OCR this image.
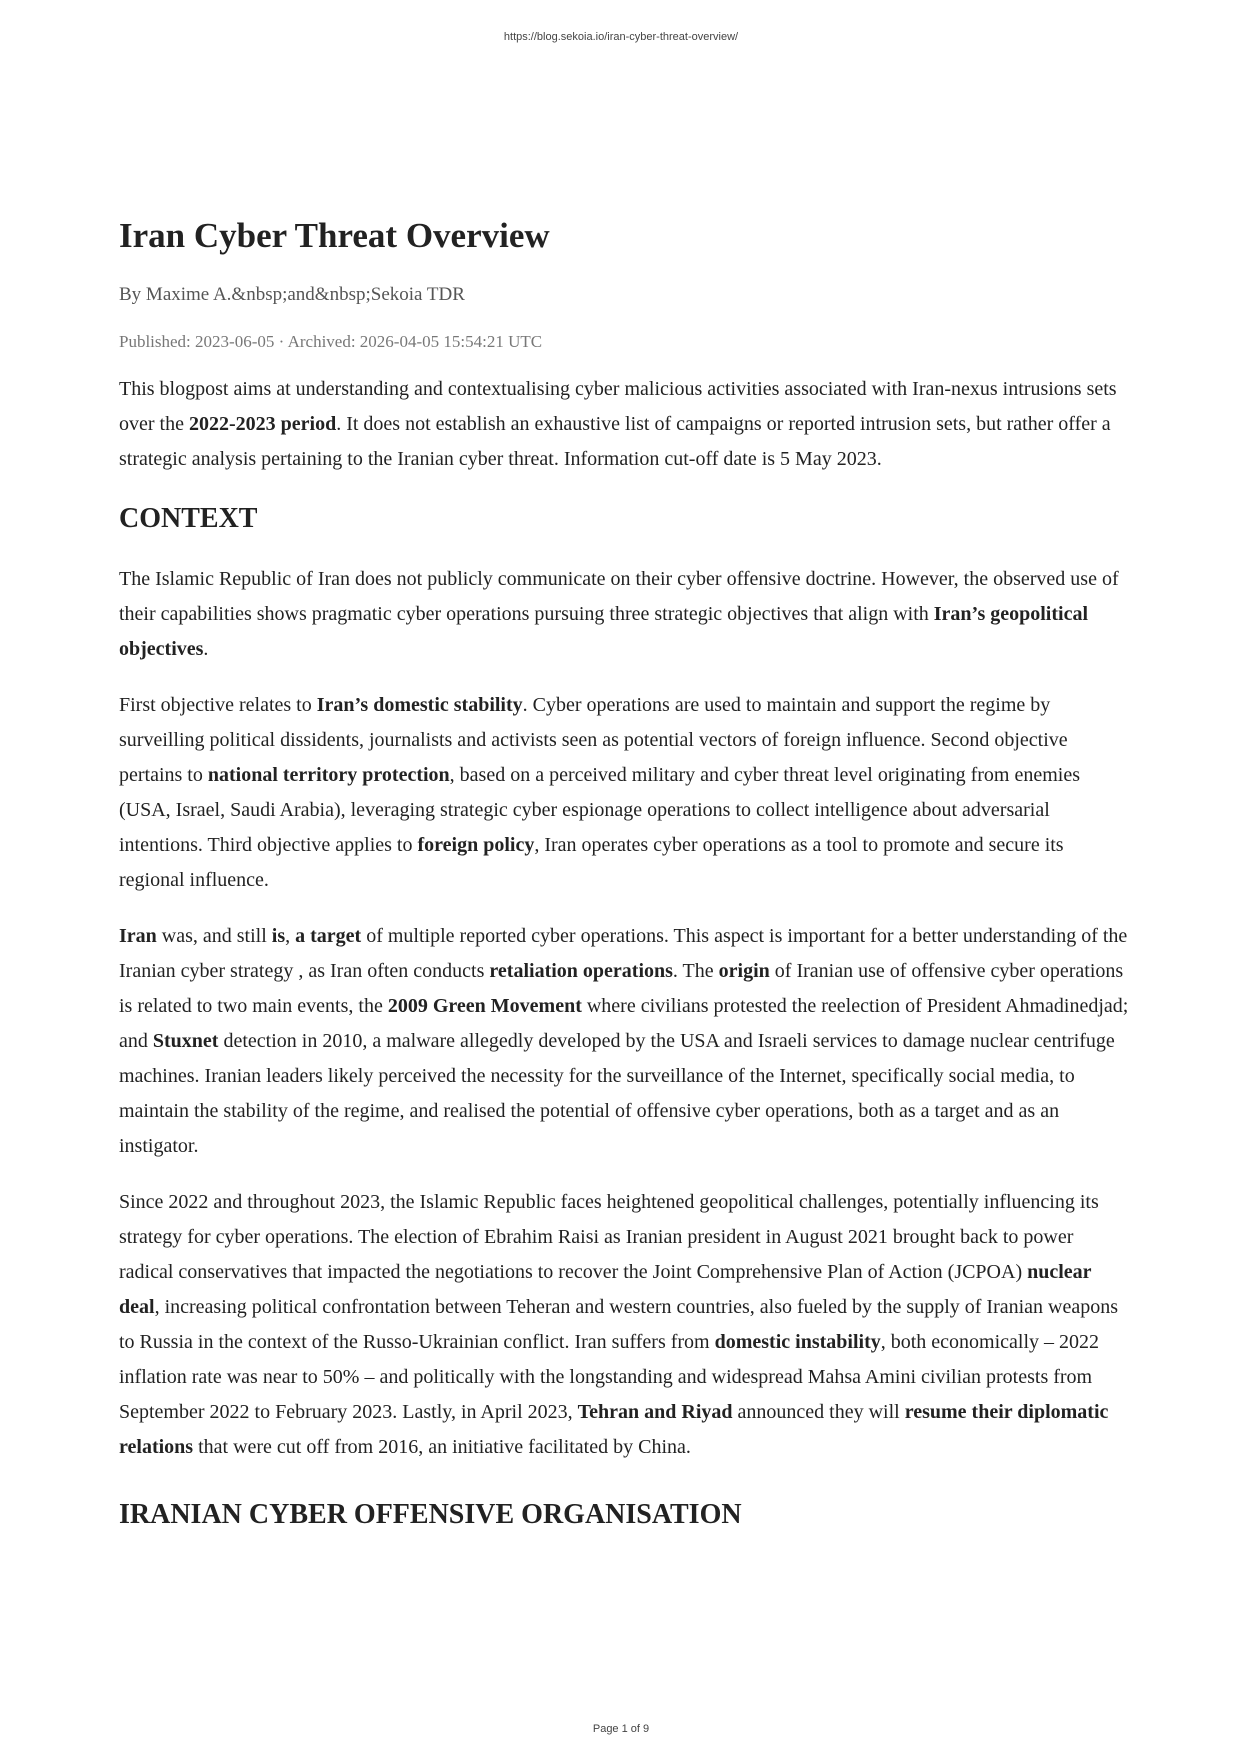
https://blog.sekoia.io/iran-cyber-threat-overview/
Iran Cyber Threat Overview
By Maxime A.&nbsp;and&nbsp;Sekoia TDR
Published: 2023-06-05 · Archived: 2026-04-05 15:54:21 UTC

This blogpost aims at understanding and contextualising cyber malicious activities associated with Iran-nexus intrusions sets over the 2022-2023 period. It does not establish an exhaustive list of campaigns or reported intrusion sets, but rather offer a strategic analysis pertaining to the Iranian cyber threat. Information cut-off date is 5 May 2023.

CONTEXT

The Islamic Republic of Iran does not publicly communicate on their cyber offensive doctrine. However, the observed use of their capabilities shows pragmatic cyber operations pursuing three strategic objectives that align with Iran’s geopolitical objectives.

First objective relates to Iran’s domestic stability. Cyber operations are used to maintain and support the regime by surveilling political dissidents, journalists and activists seen as potential vectors of foreign influence. Second objective pertains to national territory protection, based on a perceived military and cyber threat level originating from enemies (USA, Israel, Saudi Arabia), leveraging strategic cyber espionage operations to collect intelligence about adversarial intentions. Third objective applies to foreign policy, Iran operates cyber operations as a tool to promote and secure its regional influence.

Iran was, and still is, a target of multiple reported cyber operations. This aspect is important for a better understanding of the Iranian cyber strategy , as Iran often conducts retaliation operations. The origin of Iranian use of offensive cyber operations is related to two main events, the 2009 Green Movement where civilians protested the reelection of President Ahmadinedjad; and Stuxnet detection in 2010, a malware allegedly developed by the USA and Israeli services to damage nuclear centrifuge machines. Iranian leaders likely perceived the necessity for the surveillance of the Internet, specifically social media, to maintain the stability of the regime, and realised the potential of offensive cyber operations, both as a target and as an instigator.

Since 2022 and throughout 2023, the Islamic Republic faces heightened geopolitical challenges, potentially influencing its strategy for cyber operations. The election of Ebrahim Raisi as Iranian president in August 2021 brought back to power radical conservatives that impacted the negotiations to recover the Joint Comprehensive Plan of Action (JCPOA) nuclear deal, increasing political confrontation between Teheran and western countries, also fueled by the supply of Iranian weapons to Russia in the context of the Russo-Ukrainian conflict. Iran suffers from domestic instability, both economically – 2022 inflation rate was near to 50% – and politically with the longstanding and widespread Mahsa Amini civilian protests from September 2022 to February 2023. Lastly, in April 2023, Tehran and Riyad announced they will resume their diplomatic relations that were cut off from 2016, an initiative facilitated by China.

IRANIAN CYBER OFFENSIVE ORGANISATION
Page 1 of 9
